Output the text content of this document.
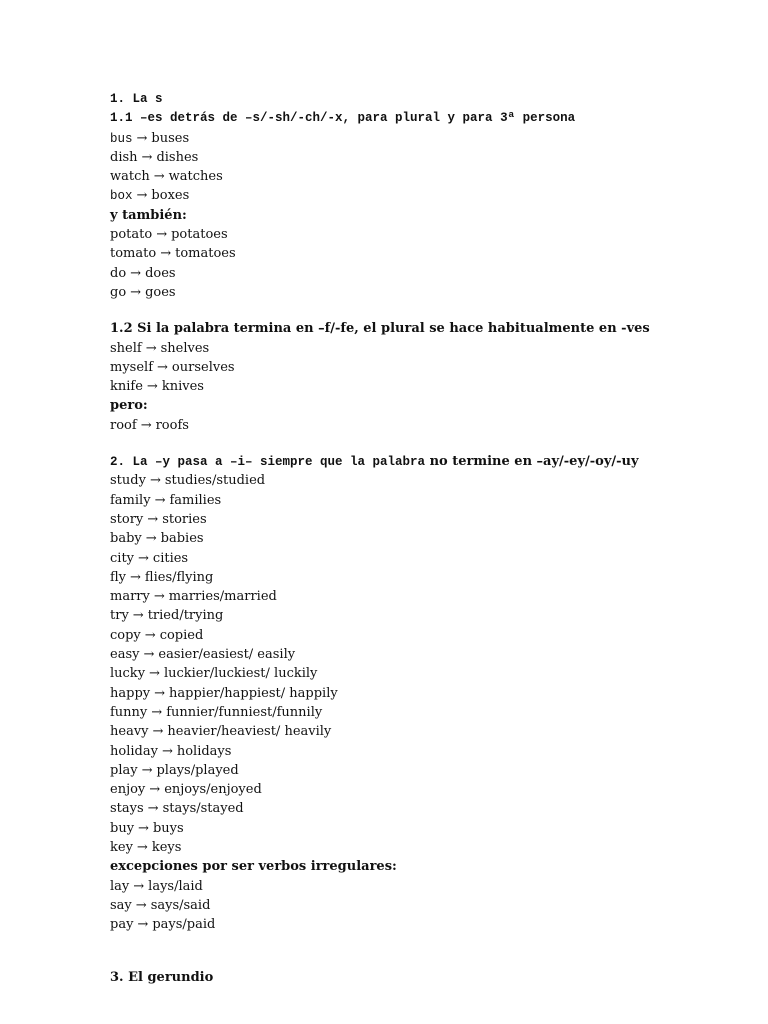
1. La s
1.1 –es detrás de –s/-sh/-ch/-x, para plural y para 3ª persona
bus → buses
dish → dishes
watch → watches
box → boxes
y también:
potato → potatoes
tomato → tomatoes
do → does
go → goes
1.2 Si la palabra termina en –f/-fe, el plural se hace habitualmente en -ves
shelf → shelves
myself → ourselves
knife → knives
pero:
roof → roofs
2. La –y pasa a –i– siempre que la palabra no termine en –ay/-ey/-oy/-uy
study → studies/studied
family → families
story → stories
baby → babies
city → cities
fly → flies/flying
marry → marries/married
try → tried/trying
copy → copied
easy → easier/easiest/ easily
lucky → luckier/luckiest/ luckily
happy → happier/happiest/ happily
funny → funnier/funniest/funnily
heavy → heavier/heaviest/ heavily
holiday → holidays
play → plays/played
enjoy → enjoys/enjoyed
stays → stays/stayed
buy → buys
key → keys
excepciones por ser verbos irregulares:
lay → lays/laid
say → says/said
pay → pays/paid
3. El gerundio
